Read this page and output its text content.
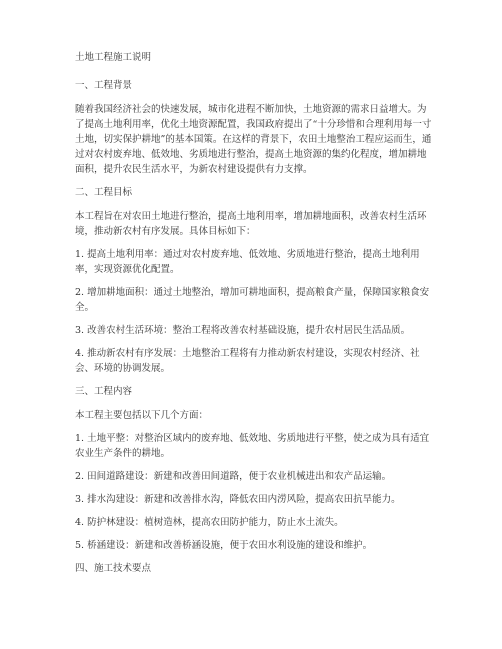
土地工程施工说明

一、工程背景

随着我国经济社会的快速发展，城市化进程不断加快，土地资源的需求日益增大。为了提高土地利用率，优化土地资源配置，我国政府提出了“十分珍惜和合理利用每一寸土地，切实保护耕地”的基本国策。在这样的背景下，农田土地整治工程应运而生，通过对农村废弃地、低效地、劣质地进行整治，提高土地资源的集约化程度，增加耕地面积，提升农民生活水平，为新农村建设提供有力支撑。

二、工程目标

本工程旨在对农田土地进行整治，提高土地利用率，增加耕地面积，改善农村生活环境，推动新农村有序发展。具体目标如下：

1. 提高土地利用率：通过对农村废弃地、低效地、劣质地进行整治，提高土地利用率，实现资源优化配置。

2. 增加耕地面积：通过土地整治，增加可耕地面积，提高粮食产量，保障国家粮食安全。

3. 改善农村生活环境：整治工程将改善农村基础设施，提升农村居民生活品质。

4. 推动新农村有序发展：土地整治工程将有力推动新农村建设，实现农村经济、社会、环境的协调发展。

三、工程内容

本工程主要包括以下几个方面：

1. 土地平整：对整治区域内的废弃地、低效地、劣质地进行平整，使之成为具有适宜农业生产条件的耕地。

2. 田间道路建设：新建和改善田间道路，便于农业机械进出和农产品运输。

3. 排水沟建设：新建和改善排水沟，降低农田内涝风险，提高农田抗旱能力。

4. 防护林建设：植树造林，提高农田防护能力，防止水土流失。

5. 桥涵建设：新建和改善桥涵设施，便于农田水利设施的建设和维护。

四、施工技术要点
